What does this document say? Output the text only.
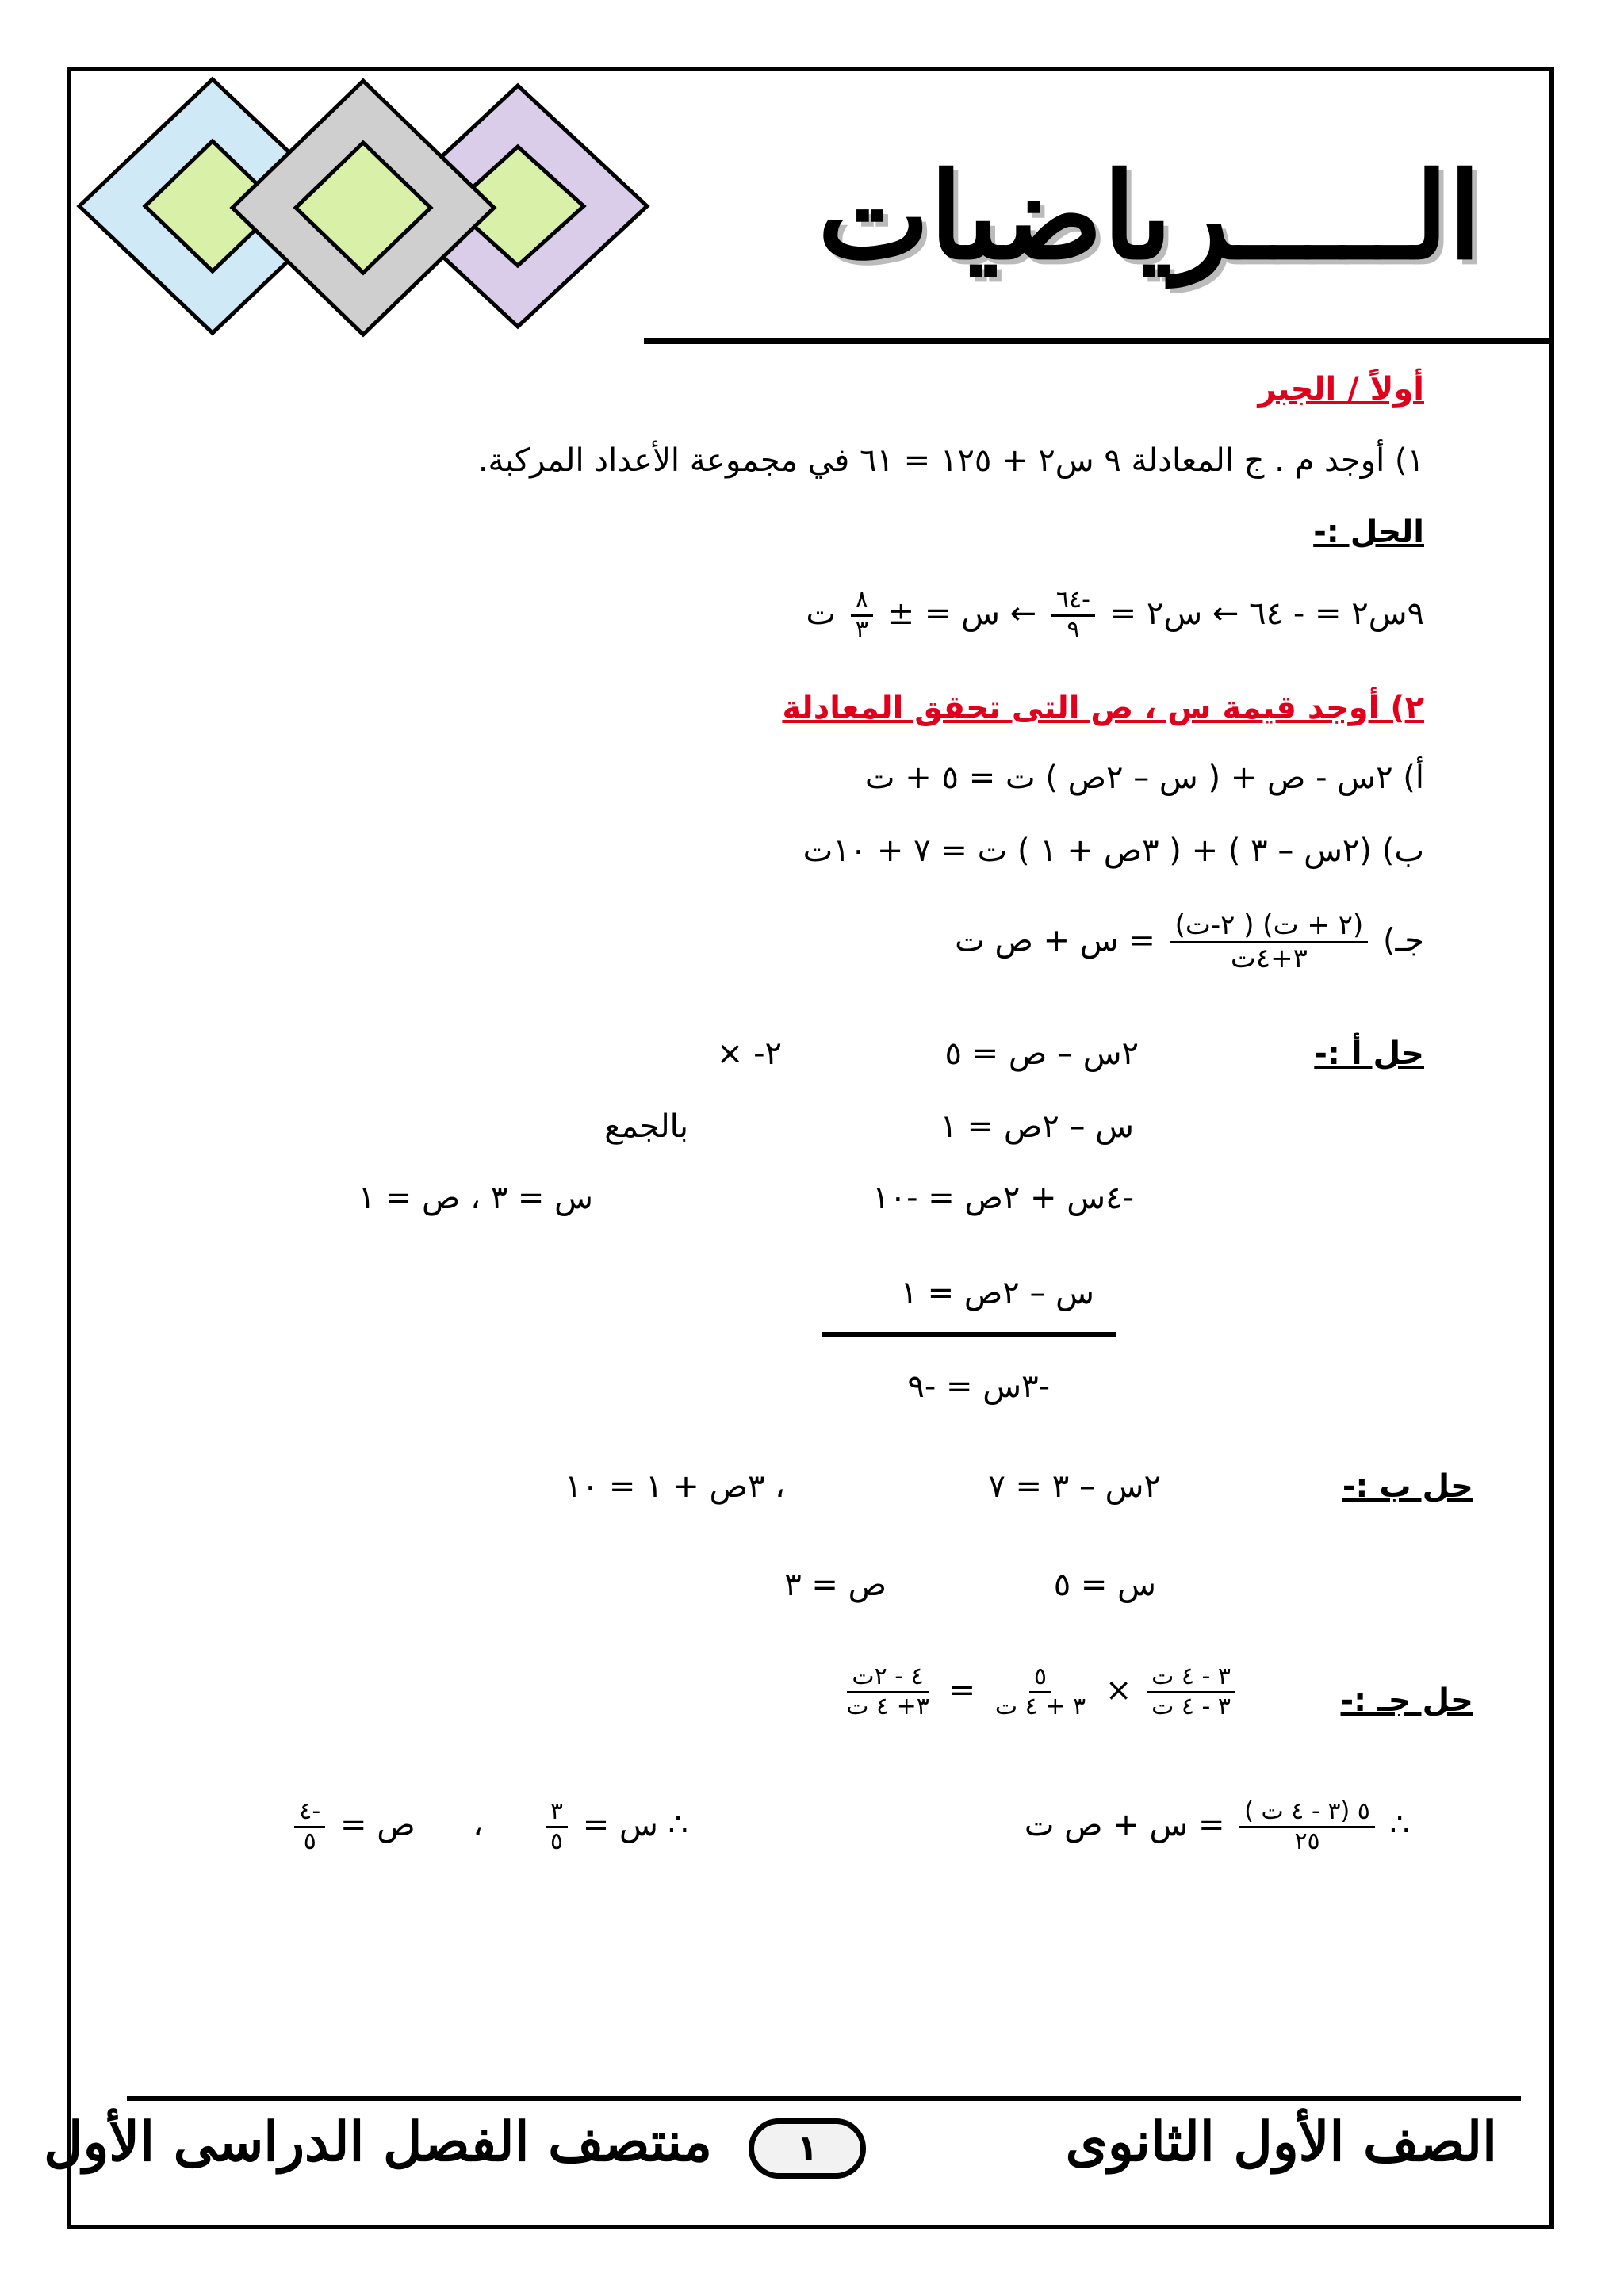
الـــــرياضيات
أولاً / الجبر
١) أوجد م . ج المعادلة ٩ س٢ + ١٢٥ = ٦١ في مجموعة الأعداد المركبة.
الحل :-
٩س٢ = - ٦٤ ← س٢ =
$\frac{-٦٤}{٩}$
← س = ±
$\frac{٨}{٣}$
ت
٢) أوجد قيمة س ، ص التى تحقق المعادلة
أ) ٢س - ص + ( س – ٢ص ) ت = ٥ + ت
ب) (٢س – ٣ ) + ( ٣ص + ١ ) ت = ٧ + ١٠ت
جـ)
$\frac{\text{(٢ + ت) ( ٢-ت)}}{\text{٣+٤ت}}$
= س + ص ت
حل أ :-
٢س – ص = ٥
× -٢
س – ٢ص = ١
بالجمع
-٤س + ٢ص = -١٠
س = ٣ ، ص = ١
س – ٢ص = ١
-٣س = -٩
حل ب :-
٢س – ٣ = ٧
، ٣ص + ١ = ١٠
س = ٥
ص = ٣
حل جـ :-
$\frac{\text{٤ - ٢ت}}{\text{٣+ ٤ ت}} = \frac{٥}{\text{٣ + ٤ ت}} \times \frac{\text{٣ - ٤ ت}}{\text{٣ - ٤ ت}}$
∴
$\frac{\text{٥ (٣ - ٤ ت )}}{٢٥}$
= س + ص ت
∴ س =
$\frac{٣}{٥}$
، ص =
$\frac{-٤}{٥}$
الصف الأول الثانوى
١
منتصف الفصل الدراسى الأول
